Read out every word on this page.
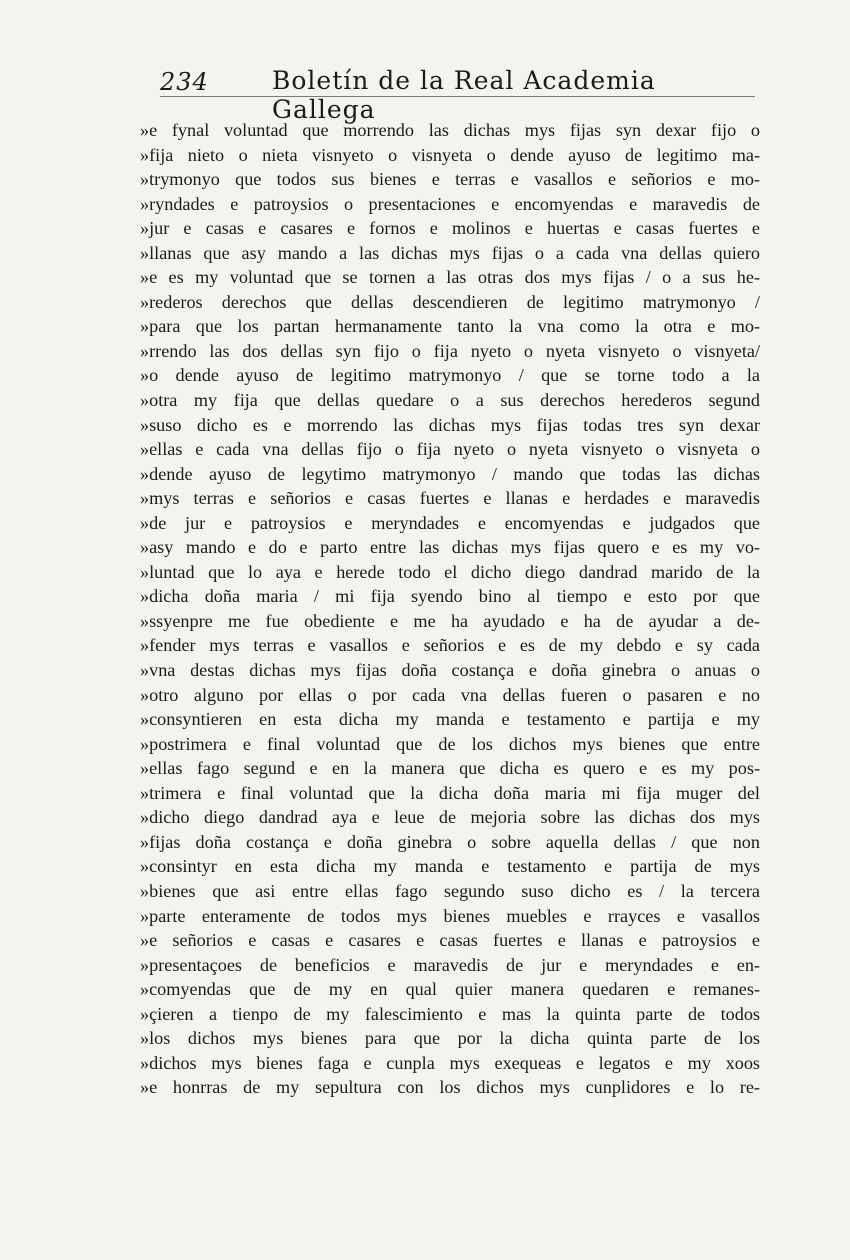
234	Boletín de la Real Academia Gallega
»e fynal voluntad que morrendo las dichas mys fijas syn dexar fijo o
»fija nieto o nieta visnyeto o visnyeta o dende ayuso de legitimo ma-
»trymonyo que todos sus bienes e terras e vasallos e señorios e mo-
»ryndades e patroysios o presentaciones e encomyendas e maravedis de
»jur e casas e casares e fornos e molinos e huertas e casas fuertes e
»llanas que asy mando a las dichas mys fijas o a cada vna dellas quiero
»e es my voluntad que se tornen a las otras dos mys fijas / o a sus he-
»rederos derechos que dellas descendieren de legitimo matrymonyo /
»para que los partan hermanamente tanto la vna como la otra e mo-
»rrendo las dos dellas syn fijo o fija nyeto o nyeta visnyeto o visnyeta/
»o dende ayuso de legitimo matrymonyo / que se torne todo a la
»otra my fija que dellas quedare o a sus derechos herederos segund
»suso dicho es e morrendo las dichas mys fijas todas tres syn dexar
»ellas e cada vna dellas fijo o fija nyeto o nyeta visnyeto o visnyeta o
»dende ayuso de legytimo matrymonyo / mando que todas las dichas
»mys terras e señorios e casas fuertes e llanas e herdades e maravedis
»de jur e patroysios e meryndades e encomyendas e judgados que
»asy mando e do e parto entre las dichas mys fijas quero e es my vo-
»luntad que lo aya e herede todo el dicho diego dandrad marido de la
»dicha doña maria / mi fija syendo bino al tiempo e esto por que
»ssyenpre me fue obediente e me ha ayudado e ha de ayudar a de-
»fender mys terras e vasallos e señorios e es de my debdo e sy cada
»vna destas dichas mys fijas doña costança e doña ginebra o anuas o
»otro alguno por ellas o por cada vna dellas fueren o pasaren e no
»consyntieren en esta dicha my manda e testamento e partija e my
»postrimera e final voluntad que de los dichos mys bienes que entre
»ellas fago segund e en la manera que dicha es quero e es my pos-
»trimera e final voluntad que la dicha doña maria mi fija muger del
»dicho diego dandrad aya e leue de mejoria sobre las dichas dos mys
»fijas doña costança e doña ginebra o sobre aquella dellas / que non
»consintyr en esta dicha my manda e testamento e partija de mys
»bienes que asi entre ellas fago segundo suso dicho es / la tercera
»parte enteramente de todos mys bienes muebles e rrayces e vasallos
»e señorios e casas e casares e casas fuertes e llanas e patroysios e
»presentaçoes de beneficios e maravedis de jur e meryndades e en-
»comyendas que de my en qual quier manera quedaren e remanes-
»çieren a tienpo de my falescimiento e mas la quinta parte de todos
»los dichos mys bienes para que por la dicha quinta parte de los
»dichos mys bienes faga e cunpla mys exequeas e legatos e my xoos
»e honrras de my sepultura con los dichos mys cunplidores e lo re-
